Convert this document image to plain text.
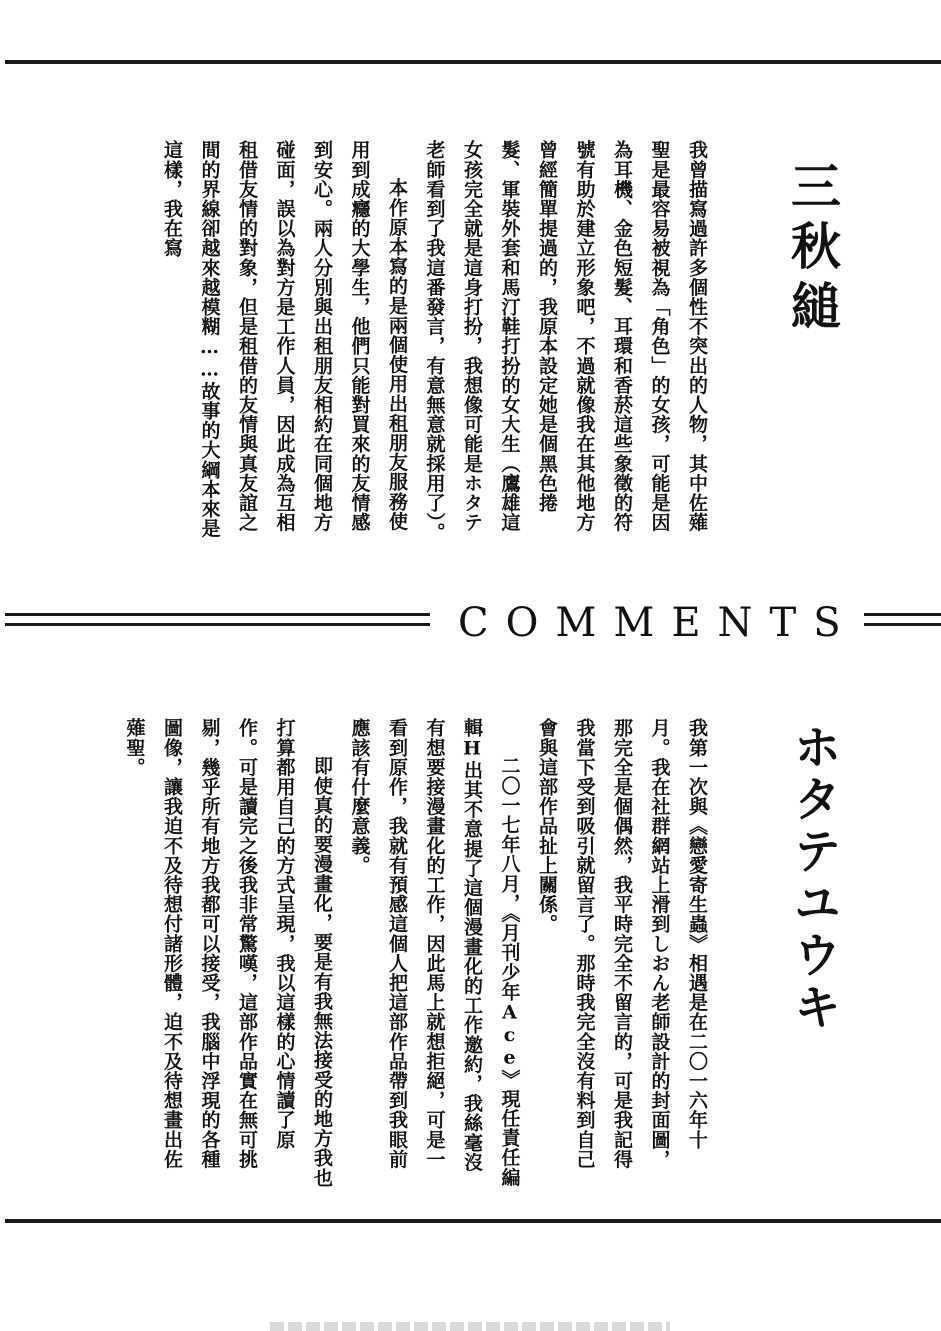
三秋縋

我曾描寫過許多個性不突出的人物，其中佐薙聖是最容易被視為「角色」的女孩，可能是因為耳機、金色短髮、耳環和香菸這些象徵的符號有助於建立形象吧，不過就像我在其他地方曾經簡單提過的，我原本設定她是個黑色捲髮、軍裝外套和馬汀鞋打扮的女大生（鷹雄這女孩完全就是這身打扮，我想像可能是ホタテ老師看到了我這番發言，有意無意就採用了）。

本作原本寫的是兩個使用出租朋友服務使用到成癮的大學生，他們只能對買來的友情感到安心。兩人分別與出租朋友相約在同個地方碰面，誤以為對方是工作人員，因此成為互相租借友情的對象，但是租借的友情與真友誼之間的界線卻越來越模糊……故事的大綱本來是這樣，我在寫

COMMENTS
ホタテユウキ

我第一次與《戀愛寄生蟲》相遇是在二〇一六年十月。我在社群網站上滑到しおん老師設計的封面圖，那完全是個偶然，我平時完全不留言的，可是我記得我當下受到吸引就留言了。那時我完全沒有料到自己會與這部作品扯上關係。

二〇一七年八月，《月刊少年Ace》現任責任編輯H出其不意提了這個漫畫化的工作邀約，我絲毫沒有想要接漫畫化的工作，因此馬上就想拒絕，可是一看到原作，我就有預感這個人把這部作品帶到我眼前應該有什麼意義。

即使真的要漫畫化，要是有我無法接受的地方我也打算都用自己的方式呈現，我以這樣的心情讀了原作。可是讀完之後我非常驚嘆，這部作品實在無可挑剔，幾乎所有地方我都可以接受，我腦中浮現的各種圖像，讓我迫不及待想付諸形體，迫不及待想畫出佐薙聖。
